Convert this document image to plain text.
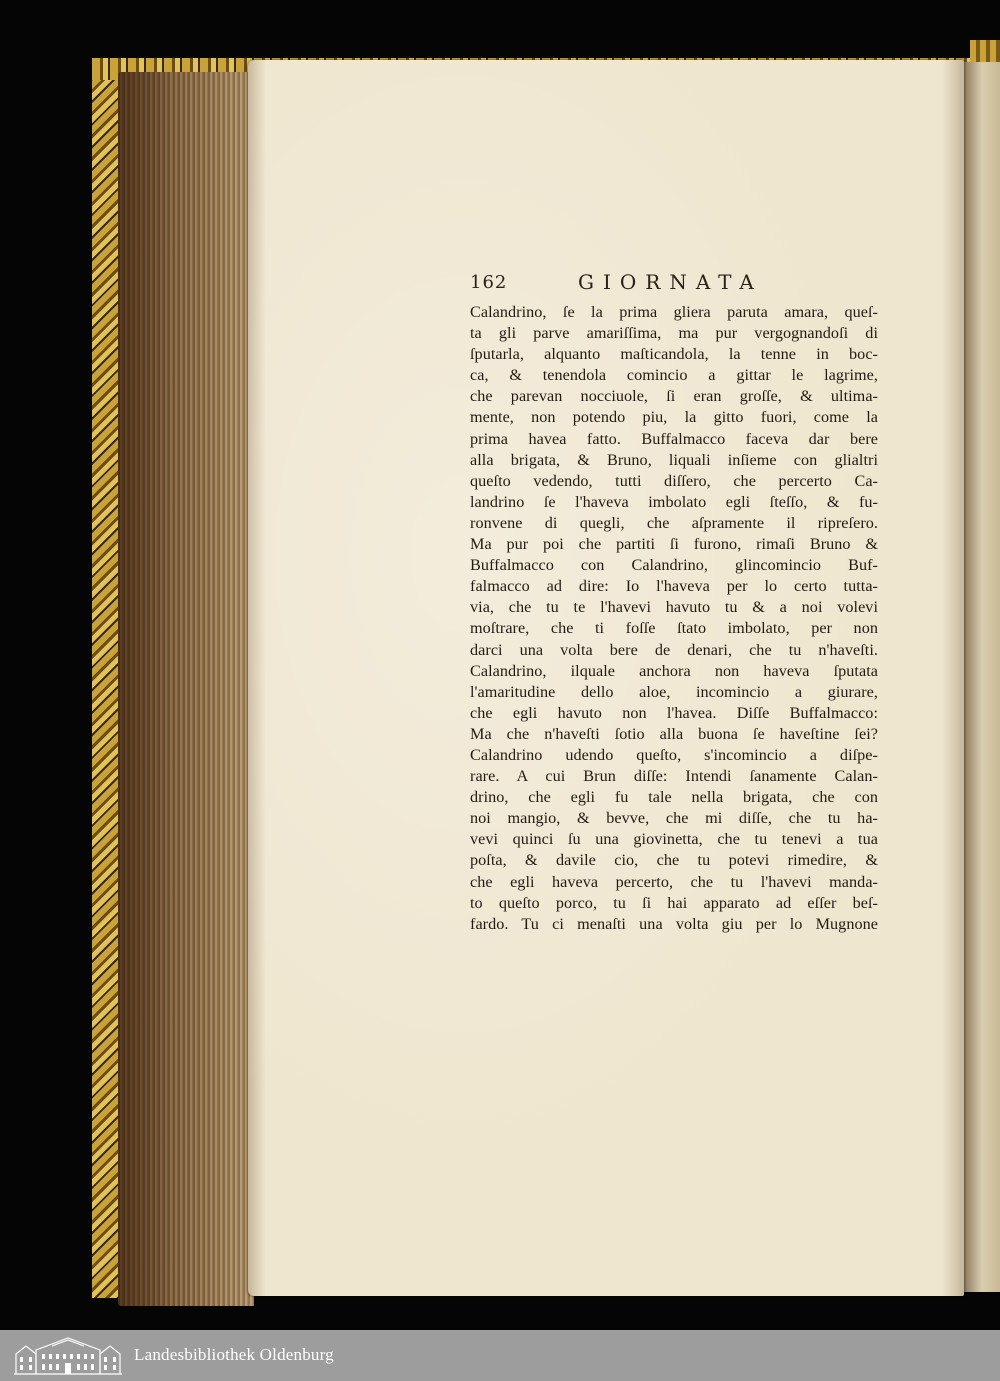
162	GIORNATA
Calandrino, ſe la prima gliera paruta amara, queſ-
ta gli parve amariſſima, ma pur vergognandoſi di
ſputarla, alquanto maſticandola, la tenne in boc-
ca, & tenendola comincio a gittar le lagrime,
che parevan nocciuole, ſi eran groſſe, & ultima-
mente, non potendo piu, la gitto fuori, come la
prima havea fatto. Buffalmacco faceva dar bere
alla brigata, & Bruno, liquali inſieme con glialtri
queſto vedendo, tutti diſſero, che percerto Ca-
landrino ſe l'haveva imbolato egli ſteſſo, & fu-
ronvene di quegli, che aſpramente il ripreſero.
Ma pur poi che partiti ſi furono, rimaſi Bruno &
Buffalmacco con Calandrino, glincomincio Buf-
falmacco ad dire: Io l'haveva per lo certo tutta-
via, che tu te l'havevi havuto tu & a noi volevi
moſtrare, che ti foſſe ſtato imbolato, per non
darci una volta bere de denari, che tu n'haveſti.
Calandrino, ilquale anchora non haveva ſputata
l'amaritudine dello aloe, incomincio a giurare,
che egli havuto non l'havea. Diſſe Buffalmacco:
Ma che n'haveſti ſotio alla buona ſe haveſtine ſei?
Calandrino udendo queſto, s'incomincio a diſpe-
rare. A cui Brun diſſe: Intendi ſanamente Calan-
drino, che egli fu tale nella brigata, che con
noi mangio, & bevve, che mi diſſe, che tu ha-
vevi quinci ſu una giovinetta, che tu tenevi a tua
poſta, & davile cio, che tu potevi rimedire, &
che egli haveva percerto, che tu l'havevi manda-
to queſto porco, tu ſi hai apparato ad eſſer beſ-
fardo. Tu ci menaſti una volta giu per lo Mugnone
Landesbibliothek Oldenburg
